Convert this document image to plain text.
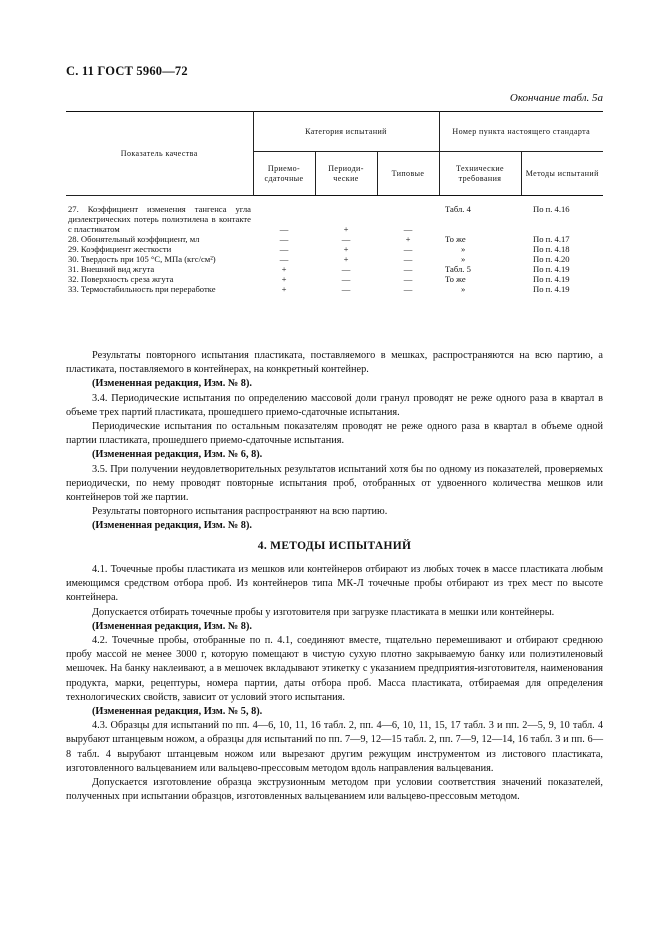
С. 11 ГОСТ 5960—72
Окончание табл. 5а
Показатель качества	Категория испытаний			Номер пункта настоящего стандарта	
	Приемо-сдаточные	Периоди-ческие	Типовые	Технические требования	Методы испытаний

27. Коэффициент изменения тангенса угла диэлектрических потерь полиэтилена в контакте с пластикатом	—	+	—	Табл. 4	По п. 4.16
28. Обонятельный коэффициент, мл	—	—	+	То же	По п. 4.17
29. Коэффициент жесткости	—	+	—	»	По п. 4.18
30. Твердость при 105 °С, МПа (кгс/см²)	—	+	—	»	По п. 4.20
31. Внешний вид жгута	+	—	—	Табл. 5	По п. 4.19
32. Поверхность среза жгута	+	—	—	То же	По п. 4.19
33. Термостабильность при переработке	+	—	—	»	По п. 4.19

Результаты повторного испытания пластиката, поставляемого в мешках, распространяются на всю партию, а пластиката, поставляемого в контейнерах, на конкретный контейнер.

(Измененная редакция, Изм. № 8).

3.4. Периодические испытания по определению массовой доли гранул проводят не реже одного раза в квартал в объеме трех партий пластиката, прошедшего приемо-сдаточные испытания.

Периодические испытания по остальным показателям проводят не реже одного раза в квартал в объеме одной партии пластиката, прошедшего приемо-сдаточные испытания.

(Измененная редакция, Изм. № 6, 8).

3.5. При получении неудовлетворительных результатов испытаний хотя бы по одному из показателей, проверяемых периодически, по нему проводят повторные испытания проб, отобранных от удвоенного количества мешков или контейнеров той же партии.

Результаты повторного испытания распространяют на всю партию.

(Измененная редакция, Изм. № 8).

4. МЕТОДЫ ИСПЫТАНИЙ

4.1. Точечные пробы пластиката из мешков или контейнеров отбирают из любых точек в массе пластиката любым имеющимся средством отбора проб. Из контейнеров типа МК-Л точечные пробы отбирают из трех мест по высоте контейнера.

Допускается отбирать точечные пробы у изготовителя при загрузке пластиката в мешки или контейнеры.

(Измененная редакция, Изм. № 8).

4.2. Точечные пробы, отобранные по п. 4.1, соединяют вместе, тщательно перемешивают и отбирают среднюю пробу массой не менее 3000 г, которую помещают в чистую сухую плотно закрываемую банку или полиэтиленовый мешочек. На банку наклеивают, а в мешочек вкладывают этикетку с указанием предприятия-изготовителя, наименования продукта, марки, рецептуры, номера партии, даты отбора проб. Масса пластиката, отбираемая для определения технологических свойств, зависит от условий этого испытания.

(Измененная редакция, Изм. № 5, 8).

4.3. Образцы для испытаний по пп. 4—6, 10, 11, 16 табл. 2, пп. 4—6, 10, 11, 15, 17 табл. 3 и пп. 2—5, 9, 10 табл. 4 вырубают штанцевым ножом, а образцы для испытаний по пп. 7—9, 12—15 табл. 2, пп. 7—9, 12—14, 16 табл. 3 и пп. 6—8 табл. 4 вырубают штанцевым ножом или вырезают другим режущим инструментом из листового пластиката, изготовленного вальцеванием или вальцево-прессовым методом вдоль направления вальцевания.

Допускается изготовление образца экструзионным методом при условии соответствия значений показателей, полученных при испытании образцов, изготовленных вальцеванием или вальцево-прессовым методом.
